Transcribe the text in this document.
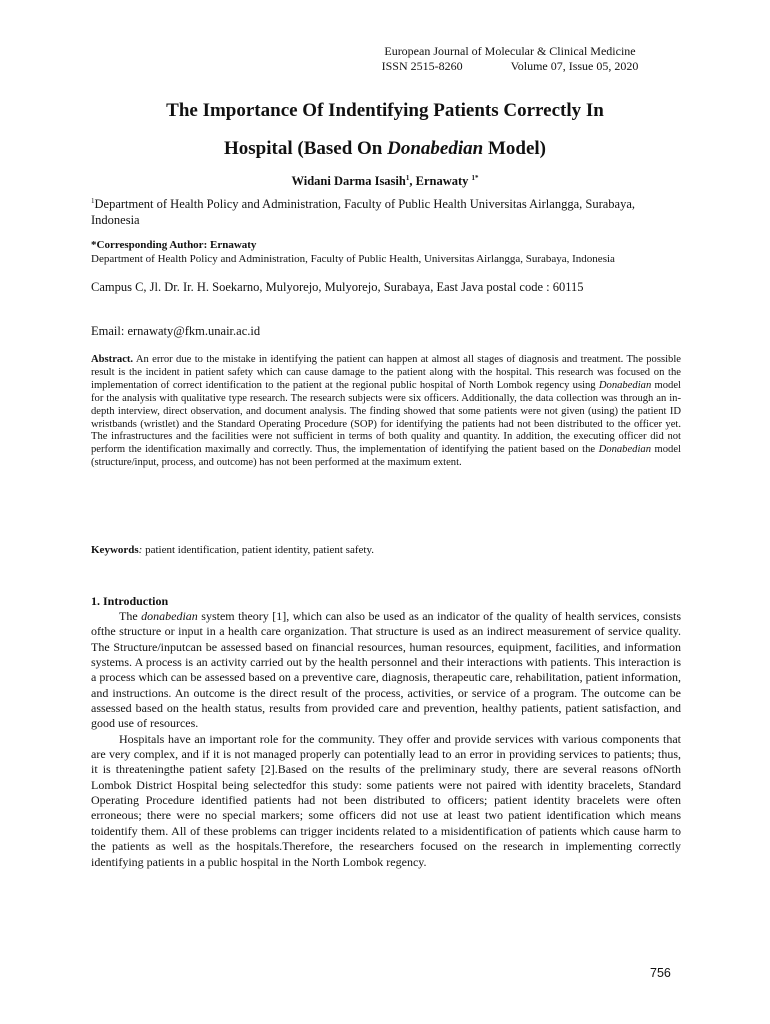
European Journal of Molecular & Clinical Medicine
ISSN 2515-8260	Volume 07, Issue 05, 2020
The Importance Of Indentifying Patients Correctly In
Hospital (Based On Donabedian Model)
Widani Darma Isasih$^1$, Ernawaty $^{1*}$
$^1$Department of Health Policy and Administration, Faculty of Public Health Universitas Airlangga, Surabaya, Indonesia
*Corresponding Author: Ernawaty
Department of Health Policy and Administration, Faculty of Public Health, Universitas Airlangga, Surabaya, Indonesia
Campus C, Jl. Dr. Ir. H. Soekarno, Mulyorejo, Mulyorejo, Surabaya, East Java postal code : 60115
Email: ernawaty@fkm.unair.ac.id
Abstract. An error due to the mistake in identifying the patient can happen at almost all stages of diagnosis and treatment. The possible result is the incident in patient safety which can cause damage to the patient along with the hospital. This research was focused on the implementation of correct identification to the patient at the regional public hospital of North Lombok regency using Donabedian model for the analysis with qualitative type research. The research subjects were six officers. Additionally, the data collection was through an in-depth interview, direct observation, and document analysis. The finding showed that some patients were not given (using) the patient ID wristbands (wristlet) and the Standard Operating Procedure (SOP) for identifying the patients had not been distributed to the officer yet. The infrastructures and the facilities were not sufficient in terms of both quality and quantity. In addition, the executing officer did not perform the identification maximally and correctly. Thus, the implementation of identifying the patient based on the Donabedian model (structure/input, process, and outcome) has not been performed at the maximum extent.
Keywords: patient identification, patient identity, patient safety.
1. Introduction

The donabedian system theory [1], which can also be used as an indicator of the quality of health services, consists ofthe structure or input in a health care organization. That structure is used as an indirect measurement of service quality. The Structure/inputcan be assessed based on financial resources, human resources, equipment, facilities, and information systems. A process is an activity carried out by the health personnel and their interactions with patients. This interaction is a process which can be assessed based on a preventive care, diagnosis, therapeutic care, rehabilitation, patient information, and instructions. An outcome is the direct result of the process, activities, or service of a program. The outcome can be assessed based on the health status, results from provided care and prevention, healthy patients, patient satisfaction, and good use of resources.

Hospitals have an important role for the community. They offer and provide services with various components that are very complex, and if it is not managed properly can potentially lead to an error in providing services to patients; thus, it is threateningthe patient safety [2].Based on the results of the preliminary study, there are several reasons ofNorth Lombok District Hospital being selectedfor this study: some patients were not paired with identity bracelets, Standard Operating Procedure identified patients had not been distributed to officers; patient identity bracelets were often erroneous; there were no special markers; some officers did not use at least two patient identification which means toidentify them. All of these problems can trigger incidents related to a misidentification of patients which cause harm to the patients as well as the hospitals.Therefore, the researchers focused on the research in implementing correctly identifying patients in a public hospital in the North Lombok regency.

756
